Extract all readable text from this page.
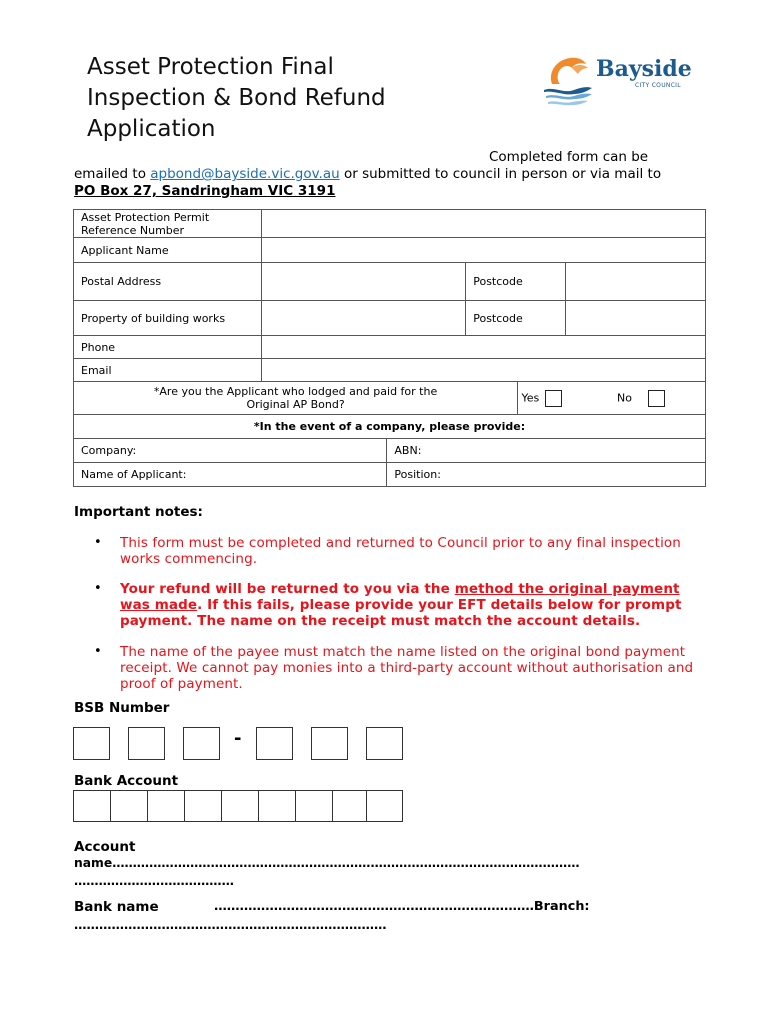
Asset Protection Final
Inspection & Bond Refund
Application
Bayside
CITY COUNCIL
Completed form can be
emailed to apbond@bayside.vic.gov.au or submitted to council in person or via mail to
PO Box 27, Sandringham VIC 3191
Asset Protection Permit
Reference Number					

Applicant Name					
Postal Address			Postcode		
Property of building works			Postcode		
Phone					
Email					

*Are you the Applicant who lodged and paid for the
Original AP Bond?				Yes	No
*In the event of a company, please provide:					
Company:		ABN:			
Name of Applicant:		Position:			
Important notes:
• This form must be completed and returned to Council prior to any final inspection works commencing.
• Your refund will be returned to you via the method the original payment was made. If this fails, please provide your EFT details below for prompt payment. The name on the receipt must match the account details.
• The name of the payee must match the name listed on the original bond payment receipt. We cannot pay monies into a third-party account without authorisation and proof of payment.
BSB Number
-
Bank Account
Account
name……………………………………………………………………………………………………
…………………………………
Bank name	…………………………………………………………………Branch:
…………………………………………………………………
